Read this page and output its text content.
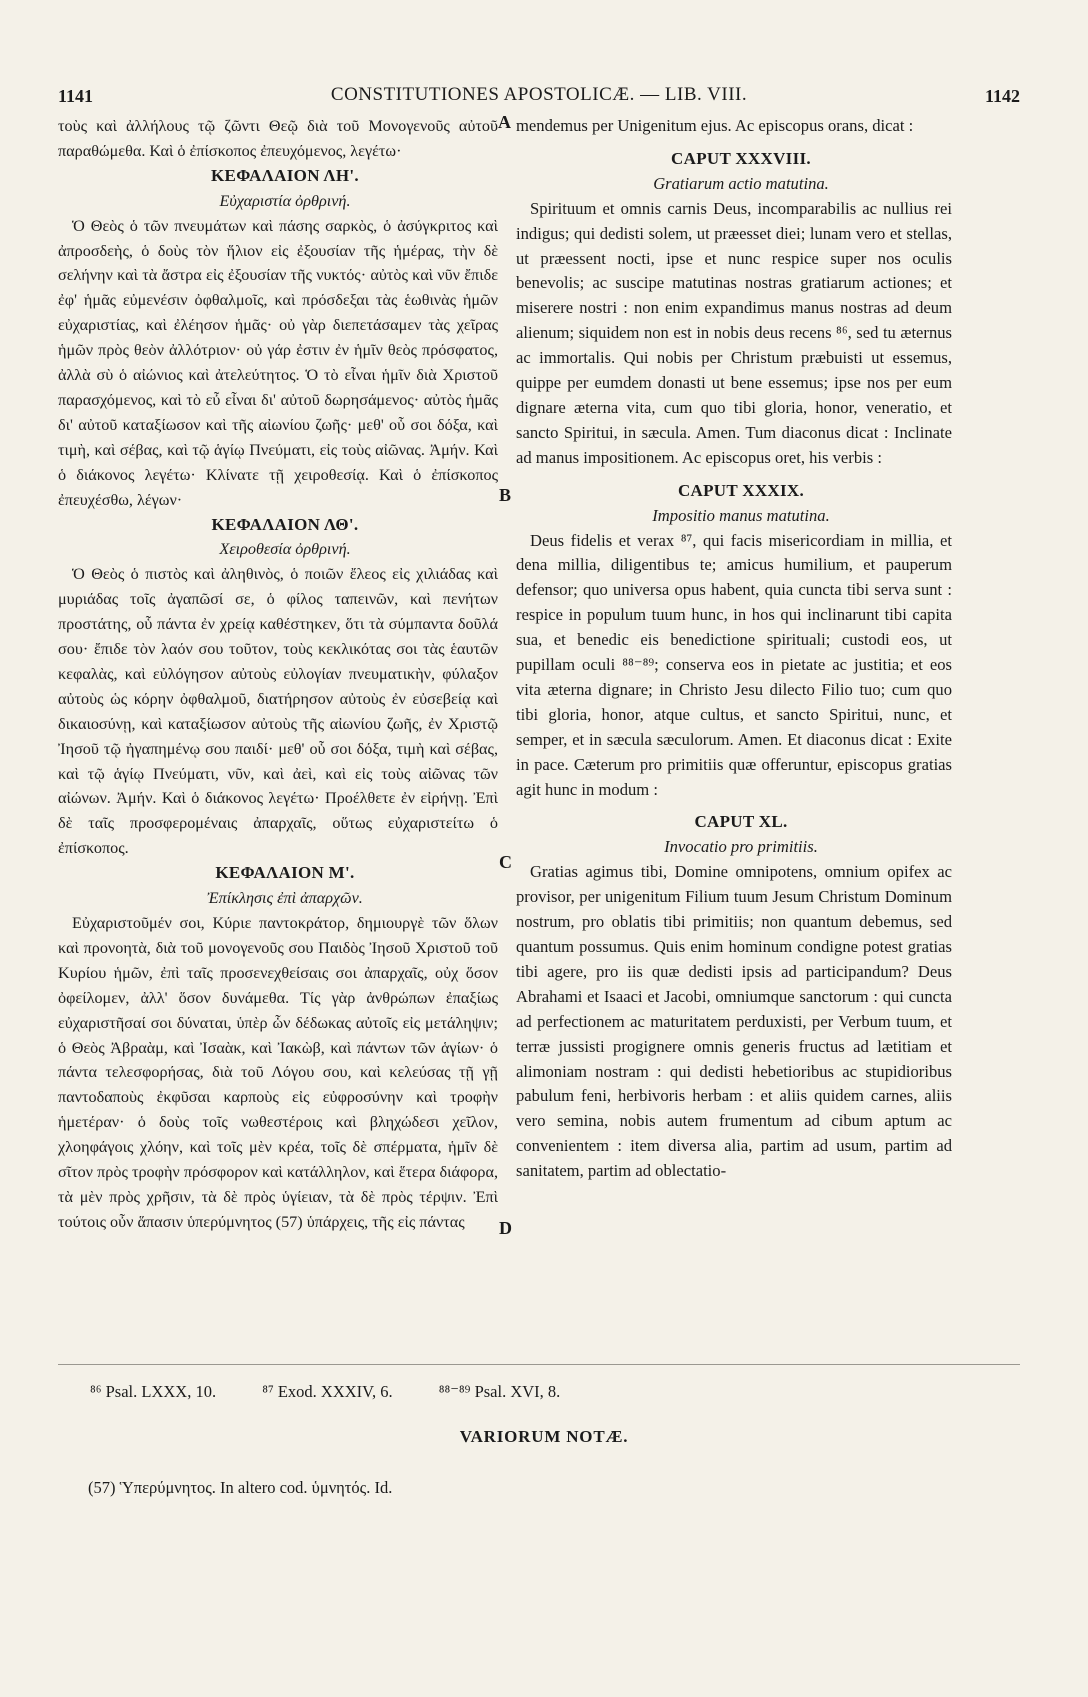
1141	CONSTITUTIONES APOSTOLICÆ. — LIB. VIII.	1142

τοὺς καὶ ἀλλήλους τῷ ζῶντι Θεῷ διὰ τοῦ Μονογενοῦς αὐτοῦ παραθώμεθα. Καὶ ὁ ἐπίσκοπος ἐπευχόμενος, λεγέτω·

ΚΕΦΑΛΑΙΟΝ ΛΗ'.

Εὐχαριστία ὀρθρινή.

Ὁ Θεὸς ὁ τῶν πνευμάτων καὶ πάσης σαρκὸς, ὁ ἀσύγκριτος καὶ ἀπροσδεὴς, ὁ δοὺς τὸν ἥλιον εἰς ἐξουσίαν τῆς ἡμέρας, τὴν δὲ σελήνην καὶ τὰ ἄστρα εἰς ἐξουσίαν τῆς νυκτός· αὐτὸς καὶ νῦν ἔπιδε ἐφ' ἡμᾶς εὐμενέσιν ὀφθαλμοῖς, καὶ πρόσδεξαι τὰς ἑωθινὰς ἡμῶν εὐχαριστίας, καὶ ἐλέησον ἡμᾶς· οὐ γὰρ διεπετάσαμεν τὰς χεῖρας ἡμῶν πρὸς θεὸν ἀλλότριον· οὐ γάρ ἐστιν ἐν ἡμῖν θεὸς πρόσφατος, ἀλλὰ σὺ ὁ αἰώνιος καὶ ἀτελεύτητος. Ὁ τὸ εἶναι ἡμῖν διὰ Χριστοῦ παρασχόμενος, καὶ τὸ εὖ εἶναι δι' αὐτοῦ δωρησάμενος· αὐτὸς ἡμᾶς δι' αὐτοῦ καταξίωσον καὶ τῆς αἰωνίου ζωῆς· μεθ' οὗ σοι δόξα, καὶ τιμὴ, καὶ σέβας, καὶ τῷ ἁγίῳ Πνεύματι, εἰς τοὺς αἰῶνας. Ἀμήν. Καὶ ὁ διάκονος λεγέτω· Κλίνατε τῇ χειροθεσίᾳ. Καὶ ὁ ἐπίσκοπος ἐπευχέσθω, λέγων·

ΚΕΦΑΛΑΙΟΝ ΛΘ'.

Χειροθεσία ὀρθρινή.

Ὁ Θεὸς ὁ πιστὸς καὶ ἀληθινὸς, ὁ ποιῶν ἔλεος εἰς χιλιάδας καὶ μυριάδας τοῖς ἀγαπῶσί σε, ὁ φίλος ταπεινῶν, καὶ πενήτων προστάτης, οὗ πάντα ἐν χρείᾳ καθέστηκεν, ὅτι τὰ σύμπαντα δοῦλά σου· ἔπιδε τὸν λαόν σου τοῦτον, τοὺς κεκλικότας σοι τὰς ἑαυτῶν κεφαλὰς, καὶ εὐλόγησον αὐτοὺς εὐλογίαν πνευματικὴν, φύλαξον αὐτοὺς ὡς κόρην ὀφθαλμοῦ, διατήρησον αὐτοὺς ἐν εὐσεβείᾳ καὶ δικαιοσύνῃ, καὶ καταξίωσον αὐτοὺς τῆς αἰωνίου ζωῆς, ἐν Χριστῷ Ἰησοῦ τῷ ἠγαπημένῳ σου παιδί· μεθ' οὗ σοι δόξα, τιμὴ καὶ σέβας, καὶ τῷ ἁγίῳ Πνεύματι, νῦν, καὶ ἀεὶ, καὶ εἰς τοὺς αἰῶνας τῶν αἰώνων. Ἀμήν. Καὶ ὁ διάκονος λεγέτω· Προέλθετε ἐν εἰρήνῃ. Ἐπὶ δὲ ταῖς προσφερομέναις ἀπαρχαῖς, οὕτως εὐχαριστείτω ὁ ἐπίσκοπος.

ΚΕΦΑΛΑΙΟΝ Μ'.

Ἐπίκλησις ἐπὶ ἀπαρχῶν.

Εὐχαριστοῦμέν σοι, Κύριε παντοκράτορ, δημιουργὲ τῶν ὅλων καὶ προνοητὰ, διὰ τοῦ μονογενοῦς σου Παιδὸς Ἰησοῦ Χριστοῦ τοῦ Κυρίου ἡμῶν, ἐπὶ ταῖς προσενεχθείσαις σοι ἀπαρχαῖς, οὐχ ὅσον ὀφείλομεν, ἀλλ' ὅσον δυνάμεθα. Τίς γὰρ ἀνθρώπων ἐπαξίως εὐχαριστῆσαί σοι δύναται, ὑπὲρ ὧν δέδωκας αὐτοῖς εἰς μετάληψιν; ὁ Θεὸς Ἀβραὰμ, καὶ Ἰσαὰκ, καὶ Ἰακὼβ, καὶ πάντων τῶν ἁγίων· ὁ πάντα τελεσφορήσας, διὰ τοῦ Λόγου σου, καὶ κελεύσας τῇ γῇ παντοδαποὺς ἐκφῦσαι καρποὺς εἰς εὐφροσύνην καὶ τροφὴν ἡμετέραν· ὁ δοὺς τοῖς νωθεστέροις καὶ βληχώδεσι χεῖλον, χλοηφάγοις χλόην, καὶ τοῖς μὲν κρέα, τοῖς δὲ σπέρματα, ἡμῖν δὲ σῖτον πρὸς τροφὴν πρόσφορον καὶ κατάλληλον, καὶ ἕτερα διάφορα, τὰ μὲν πρὸς χρῆσιν, τὰ δὲ πρὸς ὑγίειαν, τὰ δὲ πρὸς τέρψιν. Ἐπὶ τούτοις οὖν ἅπασιν ὑπερύμνητος (57) ὑπάρχεις, τῆς εἰς πάντας

A
B
C
D

mendemus per Unigenitum ejus. Ac episcopus orans, dicat :

CAPUT XXXVIII.

Gratiarum actio matutina.

Spirituum et omnis carnis Deus, incomparabilis ac nullius rei indigus; qui dedisti solem, ut præesset diei; lunam vero et stellas, ut præessent nocti, ipse et nunc respice super nos oculis benevolis; ac suscipe matutinas nostras gratiarum actiones; et miserere nostri : non enim expandimus manus nostras ad deum alienum; siquidem non est in nobis deus recens ⁸⁶, sed tu æternus ac immortalis. Qui nobis per Christum præbuisti ut essemus, quippe per eumdem donasti ut bene essemus; ipse nos per eum dignare æterna vita, cum quo tibi gloria, honor, veneratio, et sancto Spiritui, in sæcula. Amen. Tum diaconus dicat : Inclinate ad manus impositionem. Ac episcopus oret, his verbis :

CAPUT XXXIX.

Impositio manus matutina.

Deus fidelis et verax ⁸⁷, qui facis misericordiam in millia, et dena millia, diligentibus te; amicus humilium, et pauperum defensor; quo universa opus habent, quia cuncta tibi serva sunt : respice in populum tuum hunc, in hos qui inclinarunt tibi capita sua, et benedic eis benedictione spirituali; custodi eos, ut pupillam oculi ⁸⁸⁻⁸⁹; conserva eos in pietate ac justitia; et eos vita æterna dignare; in Christo Jesu dilecto Filio tuo; cum quo tibi gloria, honor, atque cultus, et sancto Spiritui, nunc, et semper, et in sæcula sæculorum. Amen. Et diaconus dicat : Exite in pace. Cæterum pro primitiis quæ offeruntur, episcopus gratias agit hunc in modum :

CAPUT XL.

Invocatio pro primitiis.

Gratias agimus tibi, Domine omnipotens, omnium opifex ac provisor, per unigenitum Filium tuum Jesum Christum Dominum nostrum, pro oblatis tibi primitiis; non quantum debemus, sed quantum possumus. Quis enim hominum condigne potest gratias tibi agere, pro iis quæ dedisti ipsis ad participandum? Deus Abrahami et Isaaci et Jacobi, omniumque sanctorum : qui cuncta ad perfectionem ac maturitatem perduxisti, per Verbum tuum, et terræ jussisti progignere omnis generis fructus ad lætitiam et alimoniam nostram : qui dedisti hebetioribus ac stupidioribus pabulum feni, herbivoris herbam : et aliis quidem carnes, aliis vero semina, nobis autem frumentum ad cibum aptum ac convenientem : item diversa alia, partim ad usum, partim ad sanitatem, partim ad oblectatio-

⁸⁶ Psal. LXXX, 10.	⁸⁷ Exod. XXXIV, 6.	⁸⁸⁻⁸⁹ Psal. XVI, 8.
VARIORUM NOTÆ.
(57) Ὑπερύμνητος. In altero cod. ὑμνητός. Id.
